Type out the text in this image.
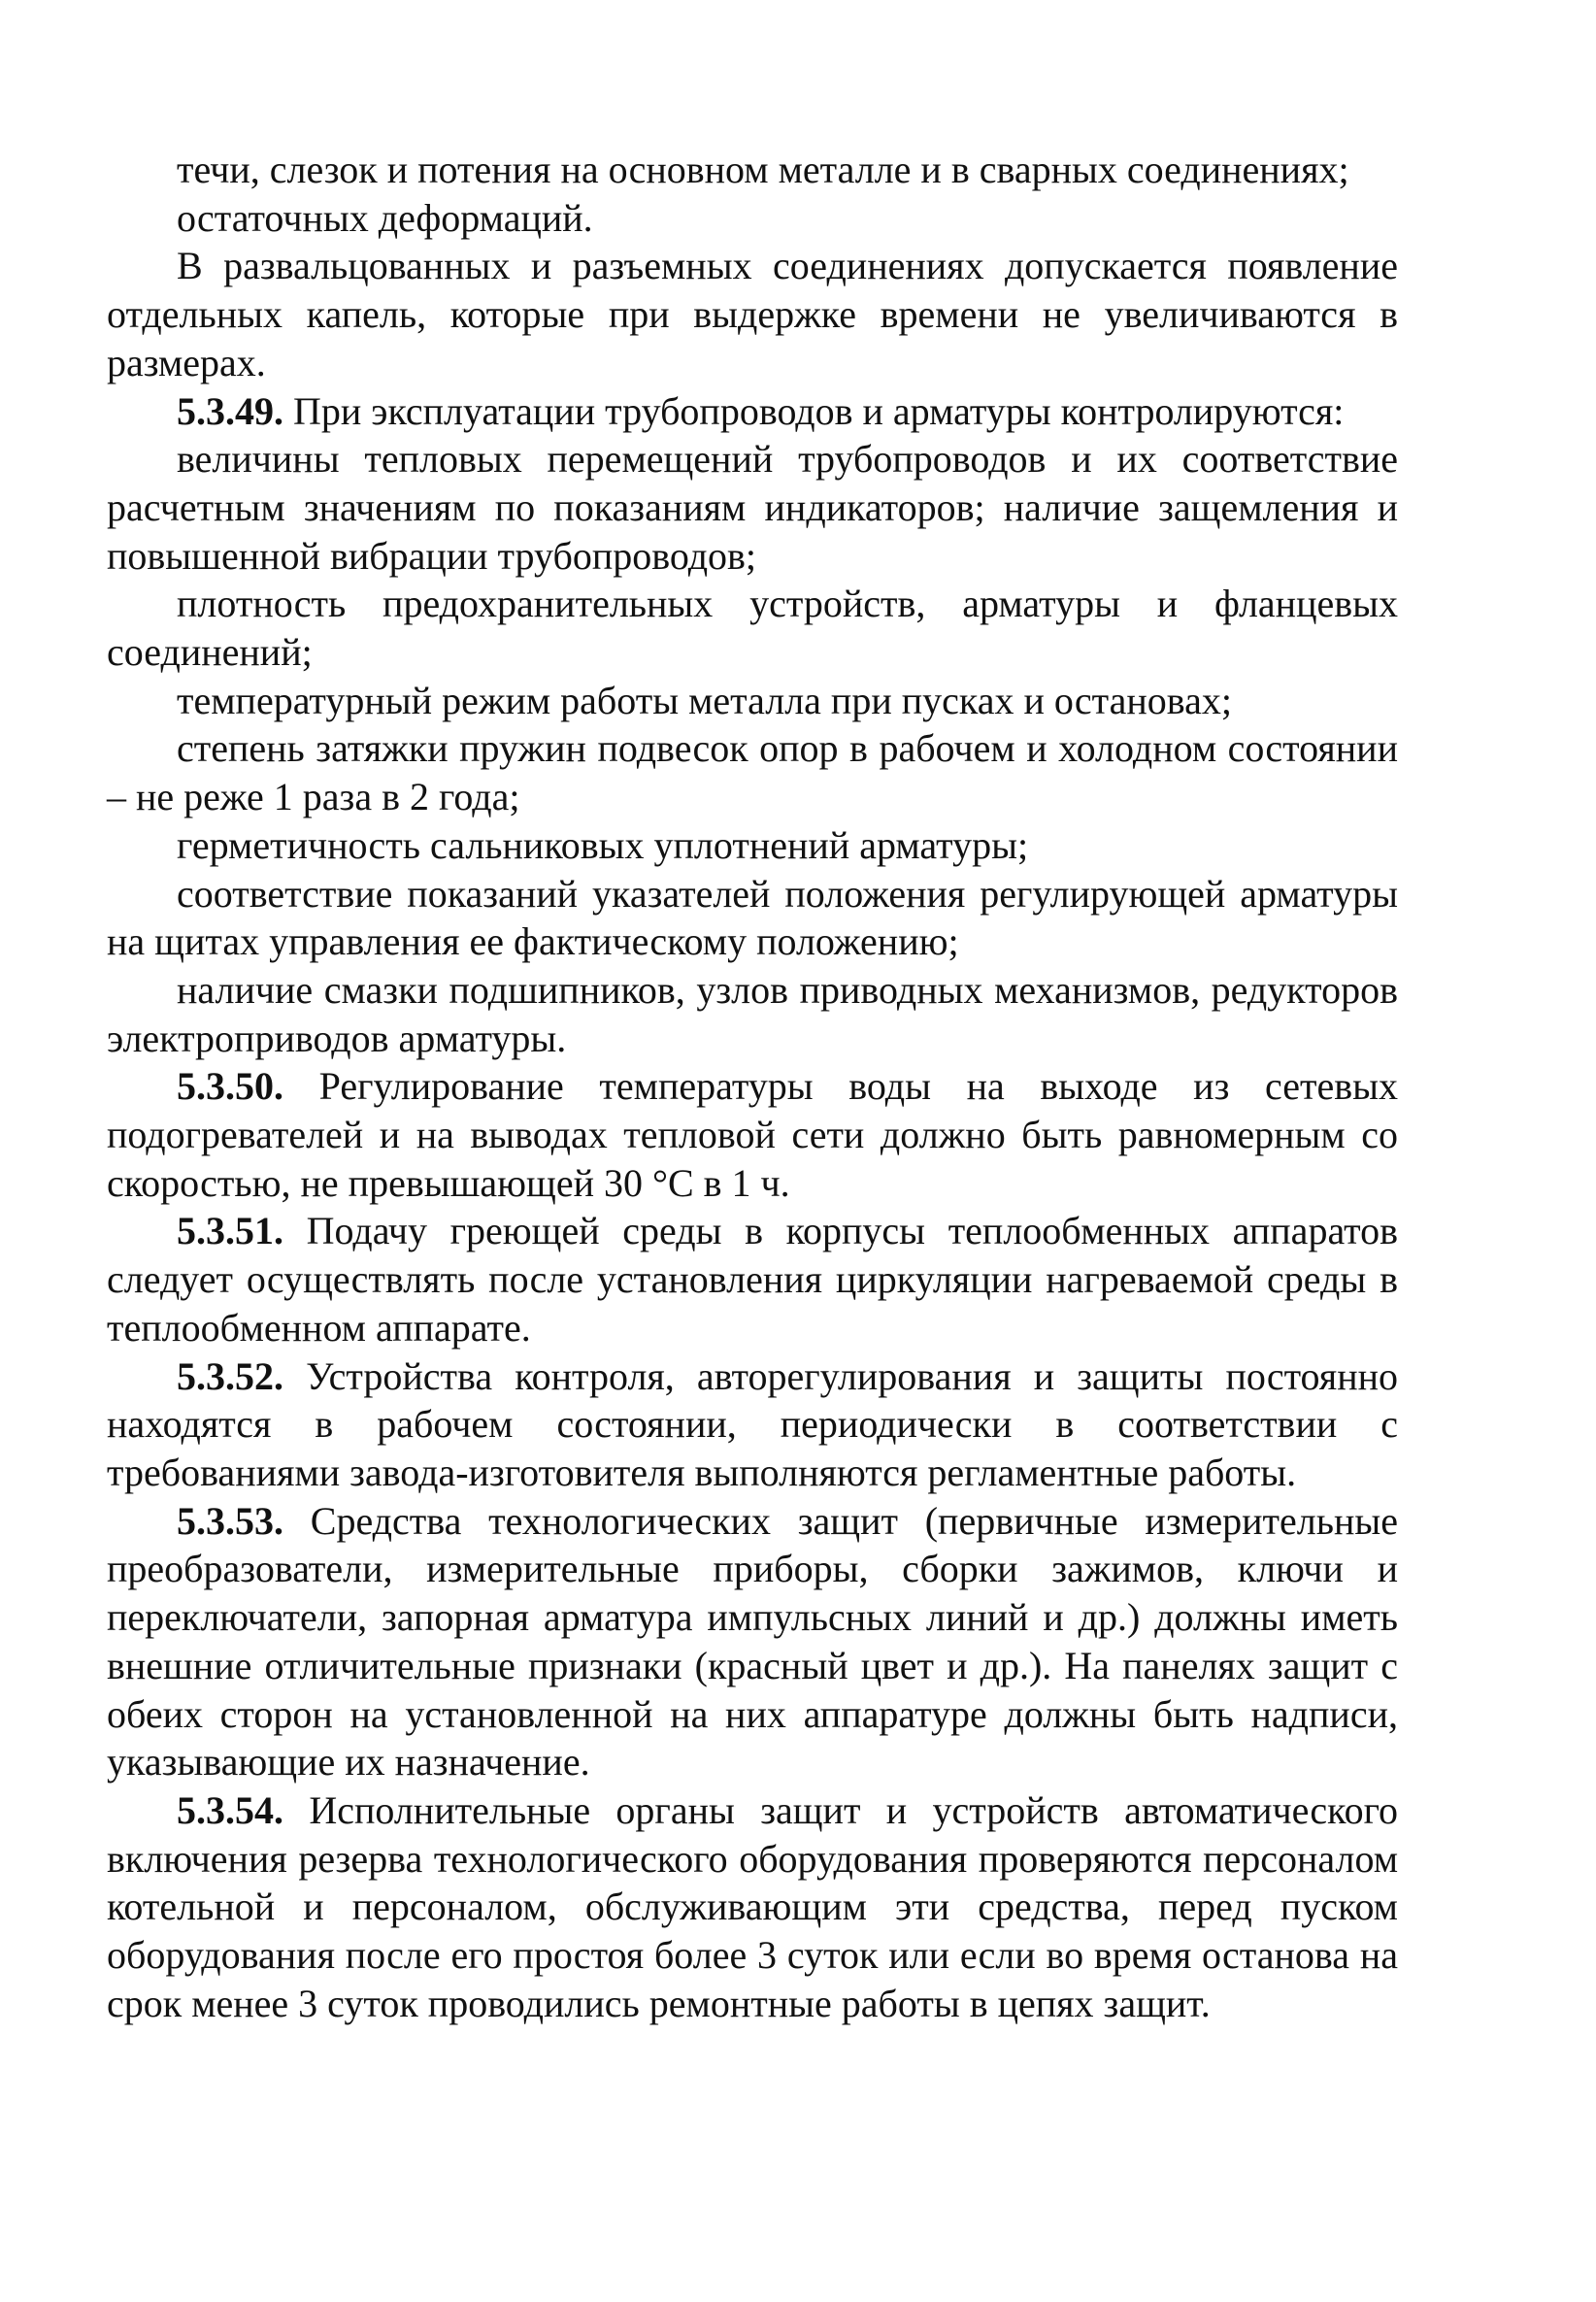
течи, слезок и потения на основном металле и в сварных соединениях;

остаточных деформаций.

В развальцованных и разъемных соединениях допускается появление отдельных капель, которые при выдержке времени не увеличиваются в размерах.

5.3.49. При эксплуатации трубопроводов и арматуры контролируются:

величины тепловых перемещений трубопроводов и их соответствие расчетным значениям по показаниям индикаторов; наличие защемления и повышенной вибрации трубопроводов;

плотность предохранительных устройств, арматуры и фланцевых соединений;

температурный режим работы металла при пусках и остановах;

степень затяжки пружин подвесок опор в рабочем и холодном состоянии – не реже 1 раза в 2 года;

герметичность сальниковых уплотнений арматуры;

соответствие показаний указателей положения регулирующей арматуры на щитах управления ее фактическому положению;

наличие смазки подшипников, узлов приводных механизмов, редукторов электроприводов арматуры.

5.3.50. Регулирование температуры воды на выходе из сетевых подогревателей и на выводах тепловой сети должно быть равномерным со скоростью, не превышающей 30 °С в 1 ч.

5.3.51. Подачу греющей среды в корпусы теплообменных аппаратов следует осуществлять после установления циркуляции нагреваемой среды в теплообменном аппарате.

5.3.52. Устройства контроля, авторегулирования и защиты постоянно находятся в рабочем состоянии, периодически в соответствии с требованиями завода-изготовителя выполняются регламентные работы.

5.3.53. Средства технологических защит (первичные измерительные преобразователи, измерительные приборы, сборки зажимов, ключи и переключатели, запорная арматура импульсных линий и др.) должны иметь внешние отличительные признаки (красный цвет и др.). На панелях защит с обеих сторон на установленной на них аппаратуре должны быть надписи, указывающие их назначение.

5.3.54. Исполнительные органы защит и устройств автоматического включения резерва технологического оборудования проверяются персоналом котельной и персоналом, обслуживающим эти средства, перед пуском оборудования после его простоя более 3 суток или если во время останова на срок менее 3 суток проводились ремонтные работы в цепях защит.
